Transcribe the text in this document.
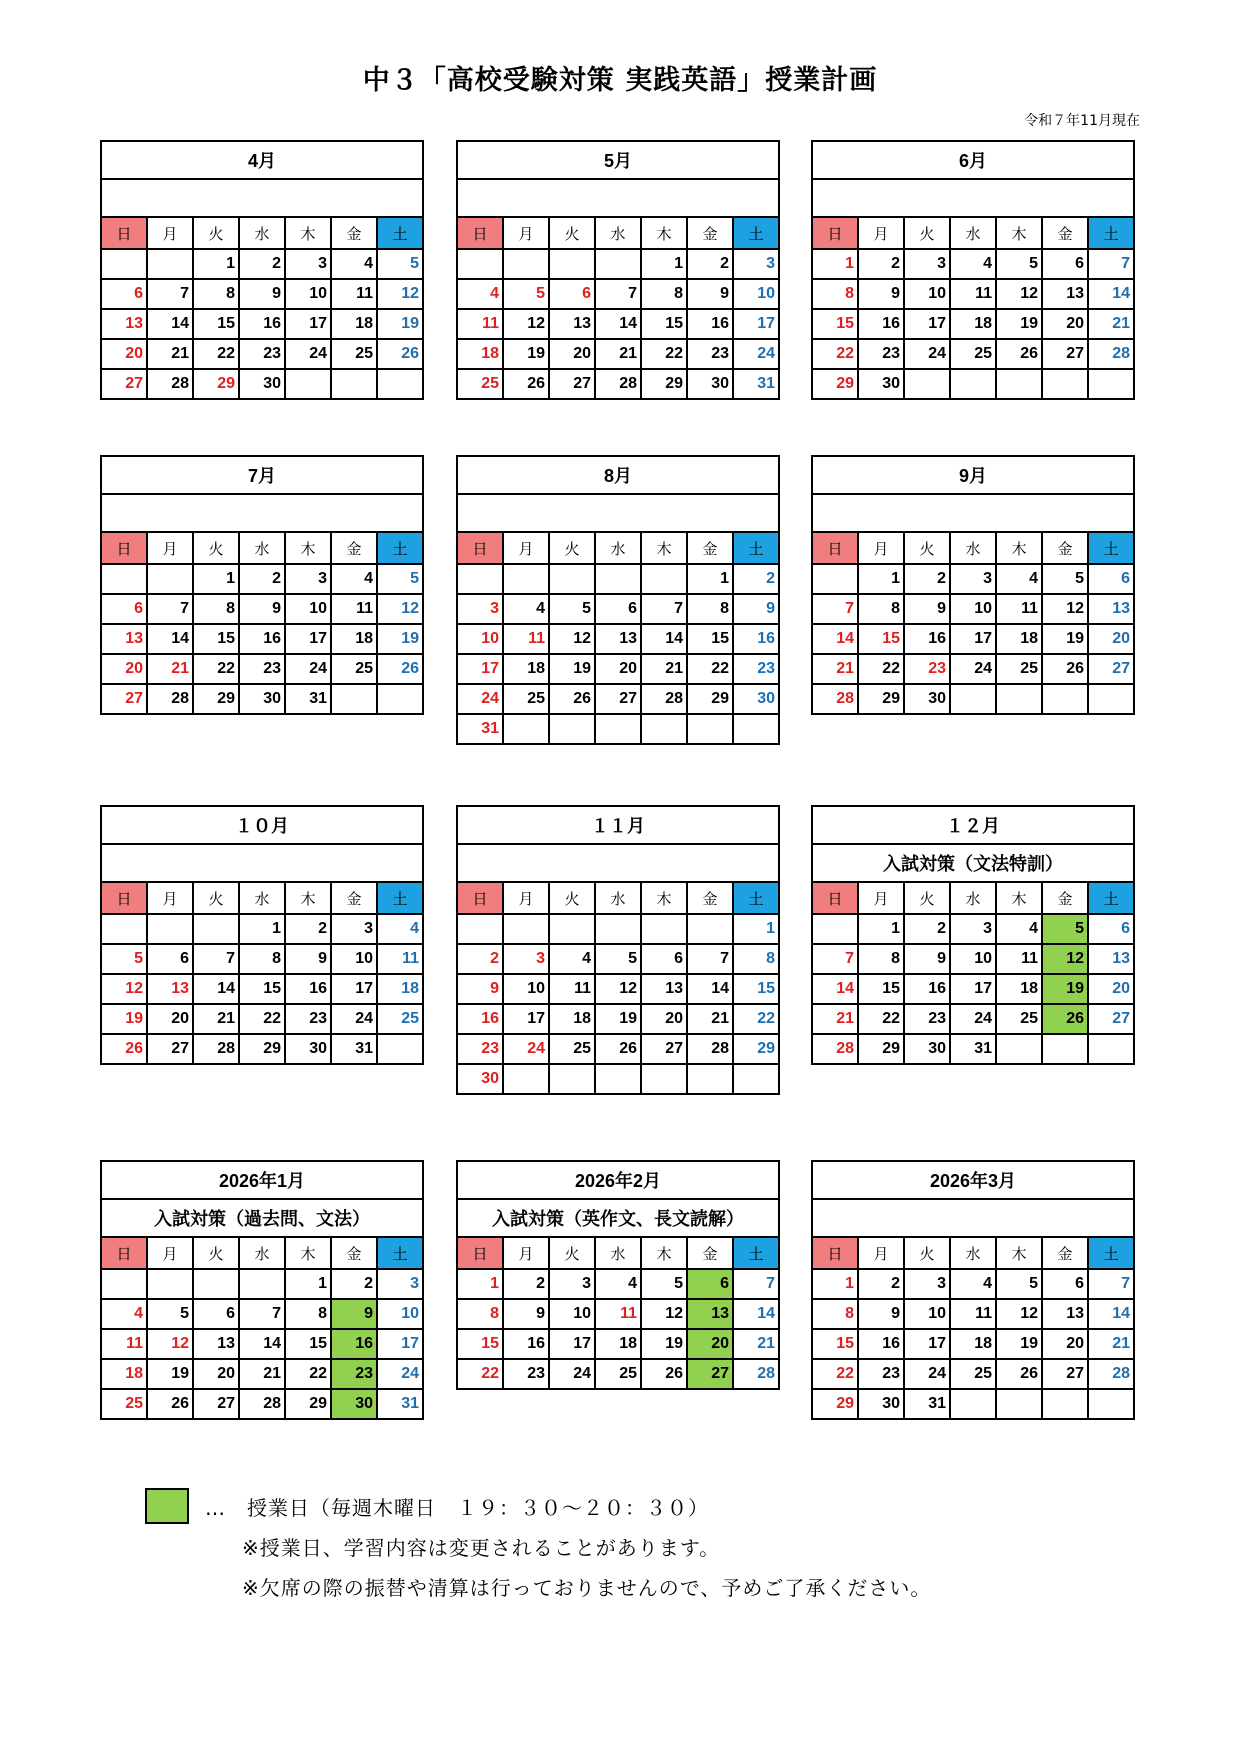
中３「高校受験対策 実践英語」授業計画
令和７年11月現在
4月						

日	月	火	水	木	金	土
		1	2	3	4	5
6	7	8	9	10	11	12
13	14	15	16	17	18	19
20	21	22	23	24	25	26
27	28	29	30			
5月						

日	月	火	水	木	金	土
				1	2	3
4	5	6	7	8	9	10
11	12	13	14	15	16	17
18	19	20	21	22	23	24
25	26	27	28	29	30	31
6月						

日	月	火	水	木	金	土
1	2	3	4	5	6	7
8	9	10	11	12	13	14
15	16	17	18	19	20	21
22	23	24	25	26	27	28
29	30					
7月						

日	月	火	水	木	金	土
		1	2	3	4	5
6	7	8	9	10	11	12
13	14	15	16	17	18	19
20	21	22	23	24	25	26
27	28	29	30	31		
8月						

日	月	火	水	木	金	土
					1	2
3	4	5	6	7	8	9
10	11	12	13	14	15	16
17	18	19	20	21	22	23
24	25	26	27	28	29	30
31						
9月						

日	月	火	水	木	金	土
	1	2	3	4	5	6
7	8	9	10	11	12	13
14	15	16	17	18	19	20
21	22	23	24	25	26	27
28	29	30				
１０月						

日	月	火	水	木	金	土
			1	2	3	4
5	6	7	8	9	10	11
12	13	14	15	16	17	18
19	20	21	22	23	24	25
26	27	28	29	30	31	
１１月						

日	月	火	水	木	金	土
						1
2	3	4	5	6	7	8
9	10	11	12	13	14	15
16	17	18	19	20	21	22
23	24	25	26	27	28	29
30						
１２月						
入試対策（文法特訓）						
日	月	火	水	木	金	土
	1	2	3	4	5	6
7	8	9	10	11	12	13
14	15	16	17	18	19	20
21	22	23	24	25	26	27
28	29	30	31			
2026年1月						
入試対策（過去問、文法）						
日	月	火	水	木	金	土
				1	2	3
4	5	6	7	8	9	10
11	12	13	14	15	16	17
18	19	20	21	22	23	24
25	26	27	28	29	30	31
2026年2月						
入試対策（英作文、長文読解）						
日	月	火	水	木	金	土
1	2	3	4	5	6	7
8	9	10	11	12	13	14
15	16	17	18	19	20	21
22	23	24	25	26	27	28
2026年3月						

日	月	火	水	木	金	土
1	2	3	4	5	6	7
8	9	10	11	12	13	14
15	16	17	18	19	20	21
22	23	24	25	26	27	28
29	30	31				
…　授業日（毎週木曜日　１９：３０～２０：３０）
※授業日、学習内容は変更されることがあります。
※欠席の際の振替や清算は行っておりませんので、予めご了承ください。
